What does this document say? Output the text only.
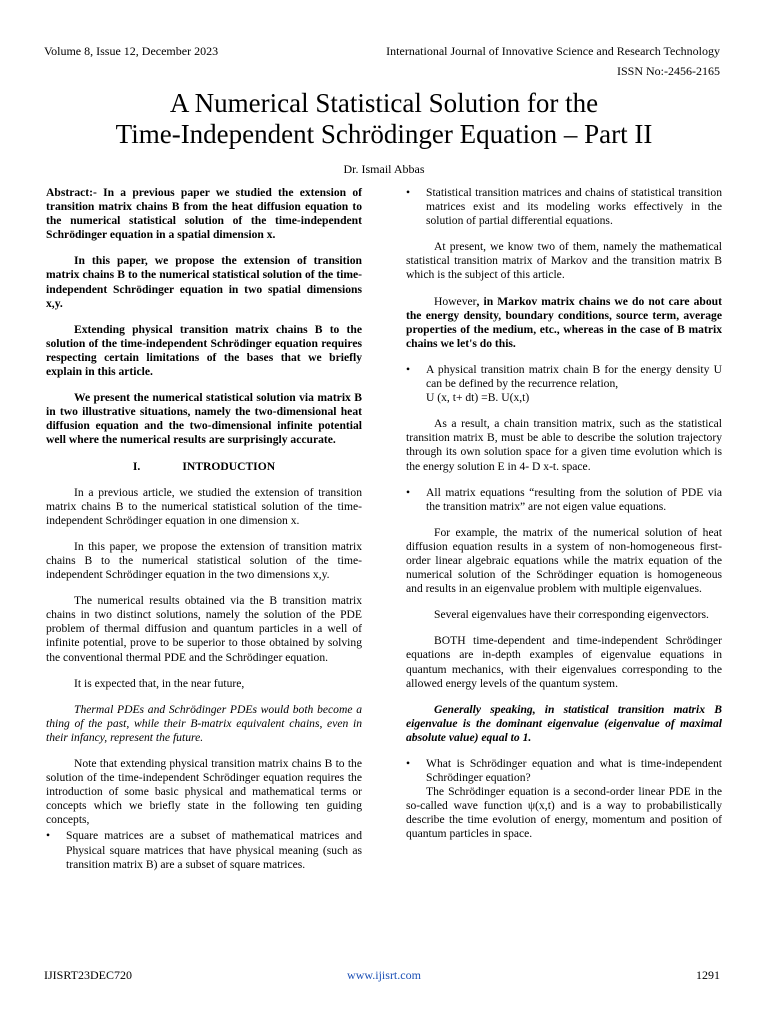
Volume 8, Issue 12, December 2023	International Journal of Innovative Science and Research Technology
ISSN No:-2456-2165
A Numerical Statistical Solution for the
Time-Independent Schrödinger Equation – Part II
Dr. Ismail Abbas

Abstract:- In a previous paper we studied the extension of transition matrix chains B from the heat diffusion equation to the numerical statistical solution of the time-independent Schrödinger equation in a spatial dimension x.

In this paper, we propose the extension of transition matrix chains B to the numerical statistical solution of the time-independent Schrödinger equation in two spatial dimensions x,y.

Extending physical transition matrix chains B to the solution of the time-independent Schrödinger equation requires respecting certain limitations of the bases that we briefly explain in this article.

We present the numerical statistical solution via matrix B in two illustrative situations, namely the two-dimensional heat diffusion equation and the two-dimensional infinite potential well where the numerical results are surprisingly accurate.

I.	INTRODUCTION

In a previous article, we studied the extension of transition matrix chains B to the numerical statistical solution of the time-independent Schrödinger equation in one dimension x.

In this paper, we propose the extension of transition matrix chains B to the numerical statistical solution of the time-independent Schrödinger equation in the two dimensions x,y.

The numerical results obtained via the B transition matrix chains in two distinct solutions, namely the solution of the PDE problem of thermal diffusion and quantum particles in a well of infinite potential, prove to be superior to those obtained by solving the conventional thermal PDE and the Schrödinger equation.

It is expected that, in the near future,

Thermal PDEs and Schrödinger PDEs would both become a thing of the past, while their B-matrix equivalent chains, even in their infancy, represent the future.

Note that extending physical transition matrix chains B to the solution of the time-independent Schrödinger equation requires the introduction of some basic physical and mathematical terms or concepts which we briefly state in the following ten guiding concepts,

•	Square matrices are a subset of mathematical matrices and Physical square matrices that have physical meaning (such as transition matrix B) are a subset of square matrices.
•	Statistical transition matrices and chains of statistical transition matrices exist and its modeling works effectively in the solution of partial differential equations.

At present, we know two of them, namely the mathematical statistical transition matrix of Markov and the transition matrix B which is the subject of this article.

However, in Markov matrix chains we do not care about the energy density, boundary conditions, source term, average properties of the medium, etc., whereas in the case of B matrix chains we let's do this.

•	A physical transition matrix chain B for the energy density U can be defined by the recurrence relation,
U (x, t+ dt) =B. U(x,t)

As a result, a chain transition matrix, such as the statistical transition matrix B, must be able to describe the solution trajectory through its own solution space for a given time evolution which is the energy solution E in 4- D x-t. space.

•	All matrix equations “resulting from the solution of PDE via the transition matrix” are not eigen value equations.

For example, the matrix of the numerical solution of heat diffusion equation results in a system of non-homogeneous first-order linear algebraic equations while the matrix equation of the numerical solution of the Schrödinger equation is homogeneous and results in an eigenvalue problem with multiple eigenvalues.

Several eigenvalues have their corresponding eigenvectors.

BOTH time-dependent and time-independent Schrödinger equations are in-depth examples of eigenvalue equations in quantum mechanics, with their eigenvalues corresponding to the allowed energy levels of the quantum system.

Generally speaking, in statistical transition matrix B eigenvalue is the dominant eigenvalue (eigenvalue of maximal absolute value) equal to 1.

•	What is Schrödinger equation and what is time-independent Schrödinger equation?

The Schrödinger equation is a second-order linear PDE in the so-called wave function ψ(x,t) and is a way to probabilistically describe the time evolution of energy, momentum and position of quantum particles in space.

IJISRT23DEC720	www.ijisrt.com	1291
